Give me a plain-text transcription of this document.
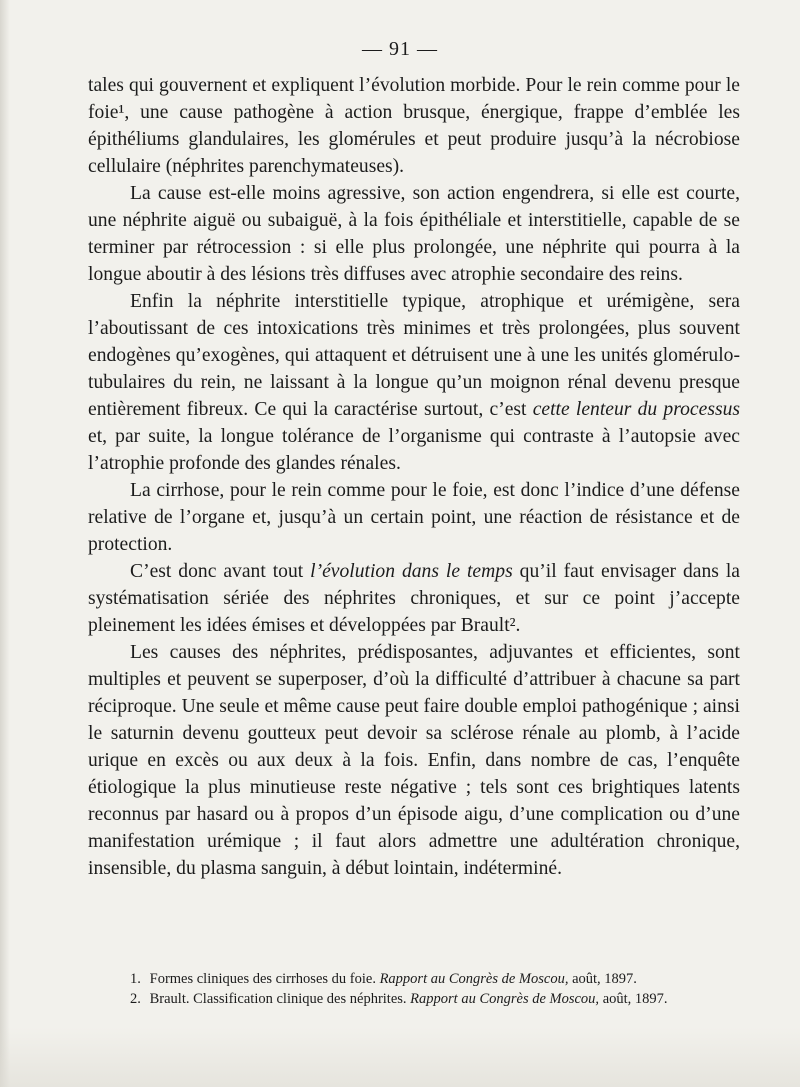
— 91 —

tales qui gouvernent et expliquent l’évolution morbide. Pour le rein comme pour le foie¹, une cause pathogène à action brusque, énergique, frappe d’emblée les épithéliums glandulaires, les glomérules et peut produire jusqu’à la nécrobiose cellulaire (néphrites parenchymateuses).

La cause est-elle moins agressive, son action engendrera, si elle est courte, une néphrite aiguë ou subaiguë, à la fois épithéliale et interstitielle, capable de se terminer par rétrocession : si elle plus prolongée, une néphrite qui pourra à la longue aboutir à des lésions très diffuses avec atrophie secondaire des reins.

Enfin la néphrite interstitielle typique, atrophique et urémigène, sera l’aboutissant de ces intoxications très minimes et très prolongées, plus souvent endogènes qu’exogènes, qui attaquent et détruisent une à une les unités glomérulo-tubulaires du rein, ne laissant à la longue qu’un moignon rénal devenu presque entièrement fibreux. Ce qui la caractérise surtout, c’est cette lenteur du processus et, par suite, la longue tolérance de l’organisme qui contraste à l’autopsie avec l’atrophie profonde des glandes rénales.

La cirrhose, pour le rein comme pour le foie, est donc l’indice d’une défense relative de l’organe et, jusqu’à un certain point, une réaction de résistance et de protection.

C’est donc avant tout l’évolution dans le temps qu’il faut envisager dans la systématisation sériée des néphrites chroniques, et sur ce point j’accepte pleinement les idées émises et développées par Brault².

Les causes des néphrites, prédisposantes, adjuvantes et efficientes, sont multiples et peuvent se superposer, d’où la difficulté d’attribuer à chacune sa part réciproque. Une seule et même cause peut faire double emploi pathogénique ; ainsi le saturnin devenu goutteux peut devoir sa sclérose rénale au plomb, à l’acide urique en excès ou aux deux à la fois. Enfin, dans nombre de cas, l’enquête étiologique la plus minutieuse reste négative ; tels sont ces brightiques latents reconnus par hasard ou à propos d’un épisode aigu, d’une complication ou d’une manifestation urémique ; il faut alors admettre une adultération chronique, insensible, du plasma sanguin, à début lointain, indéterminé.

1. Formes cliniques des cirrhoses du foie. Rapport au Congrès de Moscou, août, 1897.

2. Brault. Classification clinique des néphrites. Rapport au Congrès de Moscou, août, 1897.
